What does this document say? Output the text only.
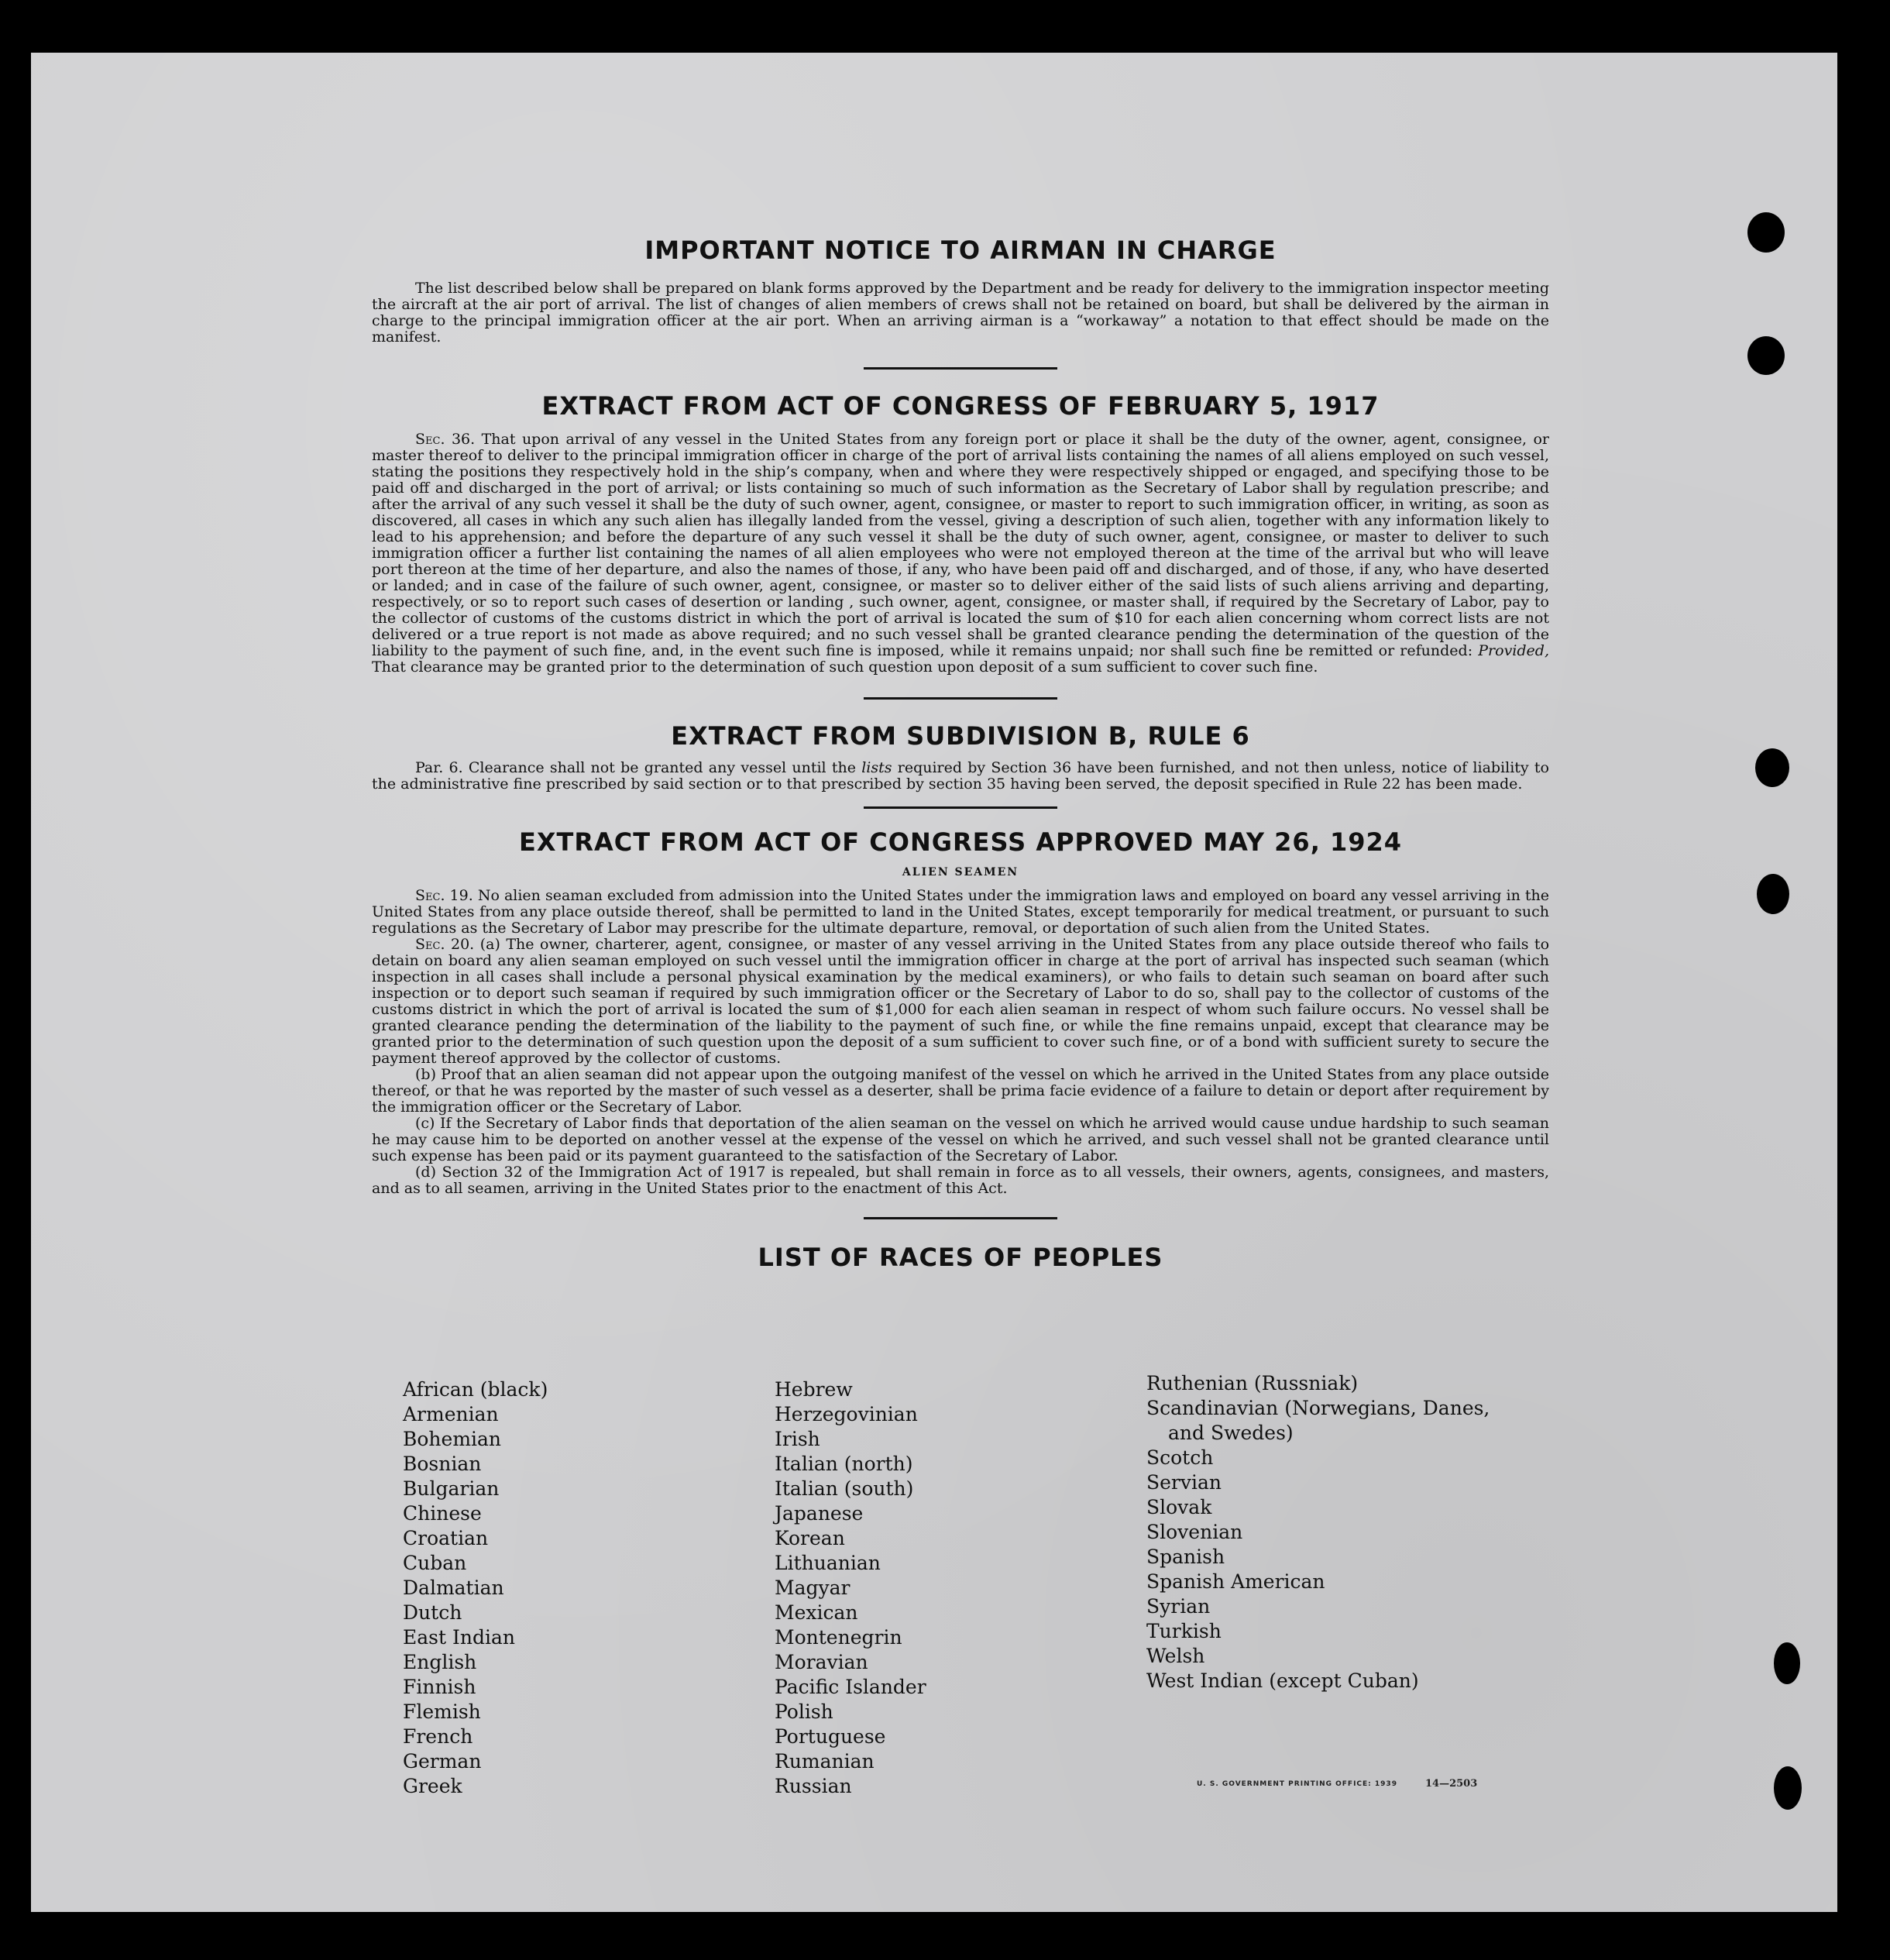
IMPORTANT NOTICE TO AIRMAN IN CHARGE

The list described below shall be prepared on blank forms approved by the Department and be ready for delivery to the immigration inspector meeting the aircraft at the air port of arrival. The list of changes of alien members of crews shall not be retained on board, but shall be delivered by the airman in charge to the principal immigration officer at the air port. When an arriving airman is a “workaway” a notation to that effect should be made on the manifest.

EXTRACT FROM ACT OF CONGRESS OF FEBRUARY 5, 1917

Sec. 36. That upon arrival of any vessel in the United States from any foreign port or place it shall be the duty of the owner, agent, consignee, or master thereof to deliver to the principal immigration officer in charge of the port of arrival lists containing the names of all aliens employed on such vessel, stating the positions they respectively hold in the ship’s company, when and where they were respectively shipped or engaged, and specifying those to be paid off and discharged in the port of arrival; or lists containing so much of such information as the Secretary of Labor shall by regulation prescribe; and after the arrival of any such vessel it shall be the duty of such owner, agent, consignee, or master to report to such immigration officer, in writing, as soon as discovered, all cases in which any such alien has illegally landed from the vessel, giving a description of such alien, together with any information likely to lead to his apprehension; and before the departure of any such vessel it shall be the duty of such owner, agent, consignee, or master to deliver to such immigration officer a further list containing the names of all alien employees who were not employed thereon at the time of the arrival but who will leave port thereon at the time of her departure, and also the names of those, if any, who have been paid off and discharged, and of those, if any, who have deserted or landed; and in case of the failure of such owner, agent, consignee, or master so to deliver either of the said lists of such aliens arriving and departing, respectively, or so to report such cases of desertion or landing , such owner, agent, consignee, or master shall, if required by the Secretary of Labor, pay to the collector of customs of the customs district in which the port of arrival is located the sum of $10 for each alien concerning whom correct lists are not delivered or a true report is not made as above required; and no such vessel shall be granted clearance pending the determination of the question of the liability to the payment of such fine, and, in the event such fine is imposed, while it remains unpaid; nor shall such fine be remitted or refunded: Provided, That clearance may be granted prior to the determination of such question upon deposit of a sum sufficient to cover such fine.

EXTRACT FROM SUBDIVISION B, RULE 6

Par. 6. Clearance shall not be granted any vessel until the lists required by Section 36 have been furnished, and not then unless, notice of liability to the administrative fine prescribed by said section or to that prescribed by section 35 having been served, the deposit specified in Rule 22 has been made.

EXTRACT FROM ACT OF CONGRESS APPROVED MAY 26, 1924
ALIEN SEAMEN

Sec. 19. No alien seaman excluded from admission into the United States under the immigration laws and employed on board any vessel arriving in the United States from any place outside thereof, shall be permitted to land in the United States, except temporarily for medical treatment, or pursuant to such regulations as the Secretary of Labor may prescribe for the ultimate departure, removal, or deportation of such alien from the United States.

Sec. 20. (a) The owner, charterer, agent, consignee, or master of any vessel arriving in the United States from any place outside thereof who fails to detain on board any alien seaman employed on such vessel until the immigration officer in charge at the port of arrival has inspected such seaman (which inspection in all cases shall include a personal physical examination by the medical examiners), or who fails to detain such seaman on board after such inspection or to deport such seaman if required by such immigration officer or the Secretary of Labor to do so, shall pay to the collector of customs of the customs district in which the port of arrival is located the sum of $1,000 for each alien seaman in respect of whom such failure occurs. No vessel shall be granted clearance pending the determination of the liability to the payment of such fine, or while the fine remains unpaid, except that clearance may be granted prior to the determination of such question upon the deposit of a sum sufficient to cover such fine, or of a bond with sufficient surety to secure the payment thereof approved by the collector of customs.

(b) Proof that an alien seaman did not appear upon the outgoing manifest of the vessel on which he arrived in the United States from any place outside thereof, or that he was reported by the master of such vessel as a deserter, shall be prima facie evidence of a failure to detain or deport after requirement by the immigration officer or the Secretary of Labor.

(c) If the Secretary of Labor finds that deportation of the alien seaman on the vessel on which he arrived would cause undue hardship to such seaman he may cause him to be deported on another vessel at the expense of the vessel on which he arrived, and such vessel shall not be granted clearance until such expense has been paid or its payment guaranteed to the satisfaction of the Secretary of Labor.

(d) Section 32 of the Immigration Act of 1917 is repealed, but shall remain in force as to all vessels, their owners, agents, consignees, and masters, and as to all seamen, arriving in the United States prior to the enactment of this Act.

LIST OF RACES OF PEOPLES
African (black)
Armenian
Bohemian
Bosnian
Bulgarian
Chinese
Croatian
Cuban
Dalmatian
Dutch
East Indian
English
Finnish
Flemish
French
German
Greek
Hebrew
Herzegovinian
Irish
Italian (north)
Italian (south)
Japanese
Korean
Lithuanian
Magyar
Mexican
Montenegrin
Moravian
Pacific Islander
Polish
Portuguese
Rumanian
Russian
Ruthenian (Russniak)
Scandinavian (Norwegians, Danes,
and Swedes)
Scotch
Servian
Slovak
Slovenian
Spanish
Spanish American
Syrian
Turkish
Welsh
West Indian (except Cuban)
U. S. GOVERNMENT PRINTING OFFICE: 1939	14—2503
